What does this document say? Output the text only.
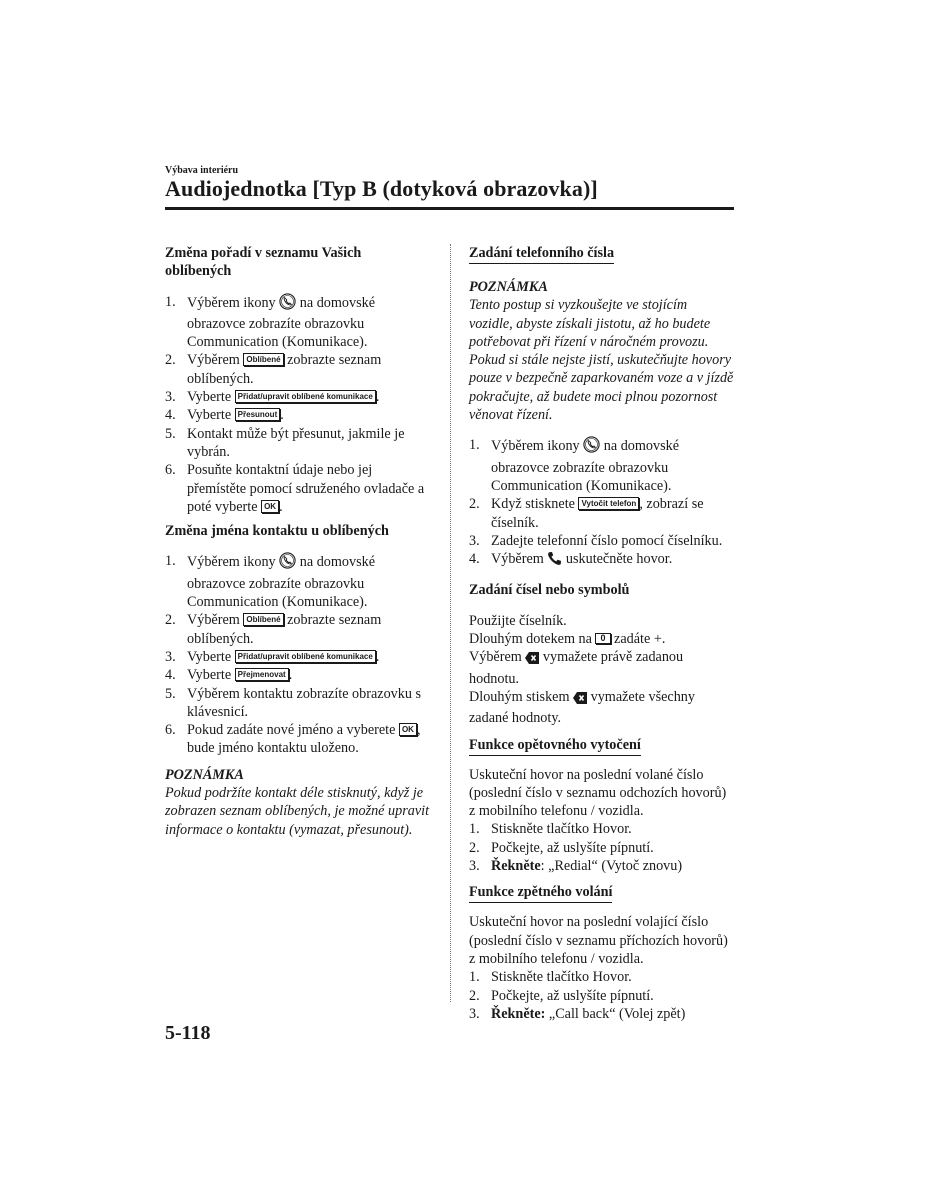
Výbava interiéru
Audiojednotka [Typ B (dotyková obrazovka)]
Změna pořadí v seznamu Vašich oblíbených
1. Výběrem ikony  na domovské obrazovce zobrazíte obrazovku Communication (Komunikace).
2. Výběrem Oblíbené zobrazte seznam oblíbených.
3. Vyberte Přidat/upravit oblíbené komunikace .
4. Vyberte Přesunout .
5. Kontakt může být přesunut, jakmile je vybrán.
6. Posuňte kontaktní údaje nebo jej přemístěte pomocí sdruženého ovladače a poté vyberte OK .
Změna jména kontaktu u oblíbených
1. Výběrem ikony  na domovské obrazovce zobrazíte obrazovku Communication (Komunikace).
2. Výběrem Oblíbené zobrazte seznam oblíbených.
3. Vyberte Přidat/upravit oblíbené komunikace .
4. Vyberte Přejmenovat .
5. Výběrem kontaktu zobrazíte obrazovku s klávesnicí.
6. Pokud zadáte nové jméno a vyberete OK , bude jméno kontaktu uloženo.
POZNÁMKA
Pokud podržíte kontakt déle stisknutý, když je zobrazen seznam oblíbených, je možné upravit informace o kontaktu (vymazat, přesunout).
Zadání telefonního čísla
POZNÁMKA
Tento postup si vyzkoušejte ve stojícím vozidle, abyste získali jistotu, až ho budete potřebovat při řízení v náročném provozu. Pokud si stále nejste jistí, uskutečňujte hovory pouze v bezpečně zaparkovaném voze a v jízdě pokračujte, až budete moci plnou pozornost věnovat řízení.
1. Výběrem ikony  na domovské obrazovce zobrazíte obrazovku Communication (Komunikace).
2. Když stisknete Vytočit telefon , zobrazí se číselník.
3. Zadejte telefonní číslo pomocí číselníku.
4. Výběrem  uskutečněte hovor.
Zadání čísel nebo symbolů
Použijte číselník.
Dlouhým dotekem na 0 zadáte +.
Výběrem  vymažete právě zadanou hodnotu.
Dlouhým stiskem  vymažete všechny zadané hodnoty.
Funkce opětovného vytočení
Uskuteční hovor na poslední volané číslo (poslední číslo v seznamu odchozích hovorů) z mobilního telefonu / vozidla.
1. Stiskněte tlačítko Hovor.
2. Počkejte, až uslyšíte pípnutí.
3. Řekněte: „Redial“ (Vytoč znovu)
Funkce zpětného volání
Uskuteční hovor na poslední volající číslo (poslední číslo v seznamu příchozích hovorů) z mobilního telefonu / vozidla.
1. Stiskněte tlačítko Hovor.
2. Počkejte, až uslyšíte pípnutí.
3. Řekněte: „Call back“ (Volej zpět)
5-118
